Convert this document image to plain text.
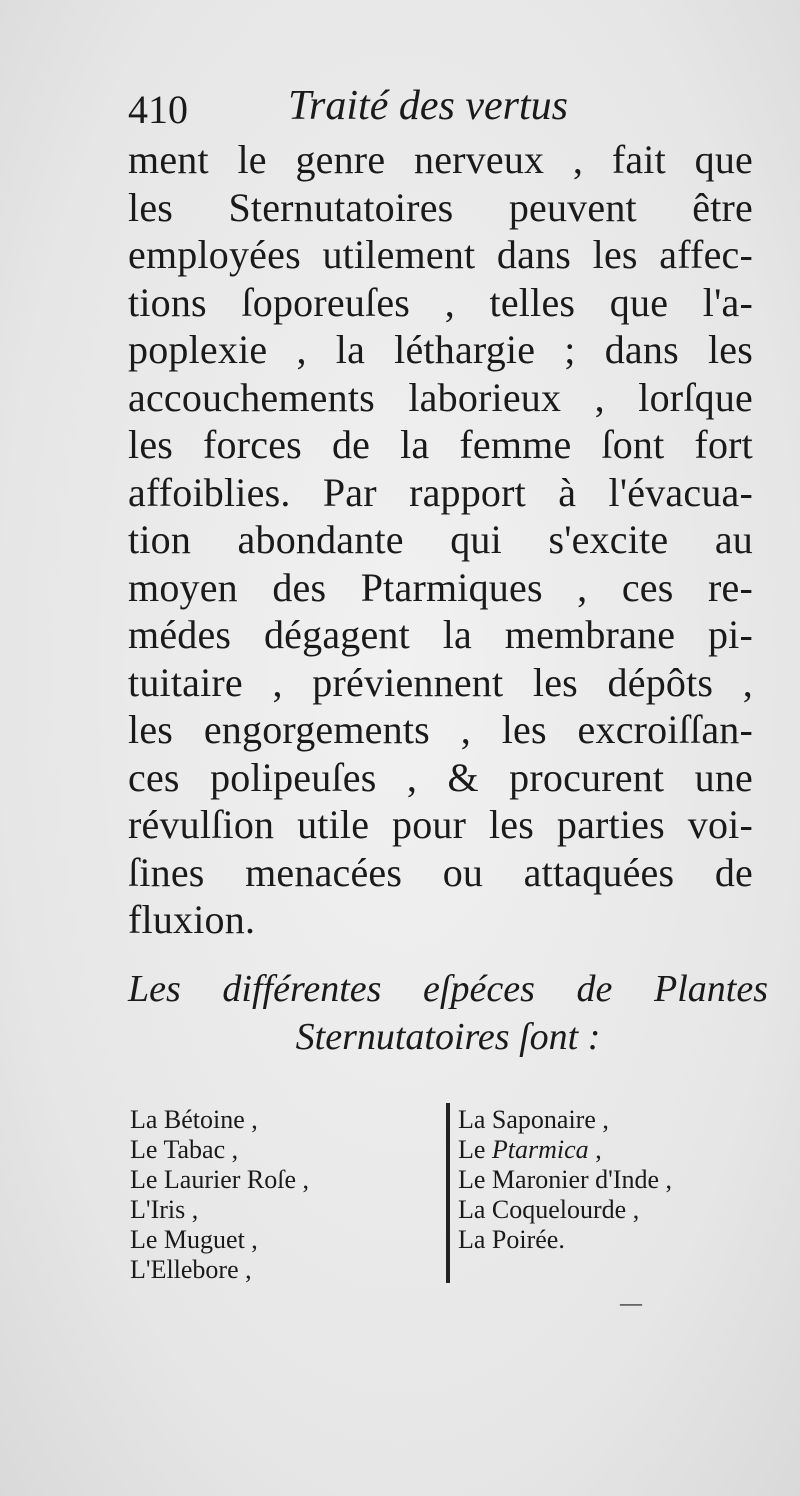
410 Traité des vertus
ment le genre nerveux , fait que
les Sternutatoires peuvent être
employées utilement dans les affec-
tions ſoporeuſes , telles que l'a-
poplexie , la léthargie ; dans les
accouchements laborieux , lorſque
les forces de la femme ſont fort
affoiblies. Par rapport à l'évacua-
tion abondante qui s'excite au
moyen des Ptarmiques , ces re-
médes dégagent la membrane pi-
tuitaire , préviennent les dépôts ,
les engorgements , les excroiſſan-
ces polipeuſes , & procurent une
révulſion utile pour les parties voi-
ſines menacées ou attaquées de
fluxion.
Les différentes eſpéces de Plantes
Sternutatoires ſont :
La Bétoine ,
Le Tabac ,
Le Laurier Roſe ,
L'Iris ,
Le Muguet ,
L'Ellebore ,
La Saponaire ,
Le Ptarmica ,
Le Maronier d'Inde ,
La Coquelourde ,
La Poirée.
—
